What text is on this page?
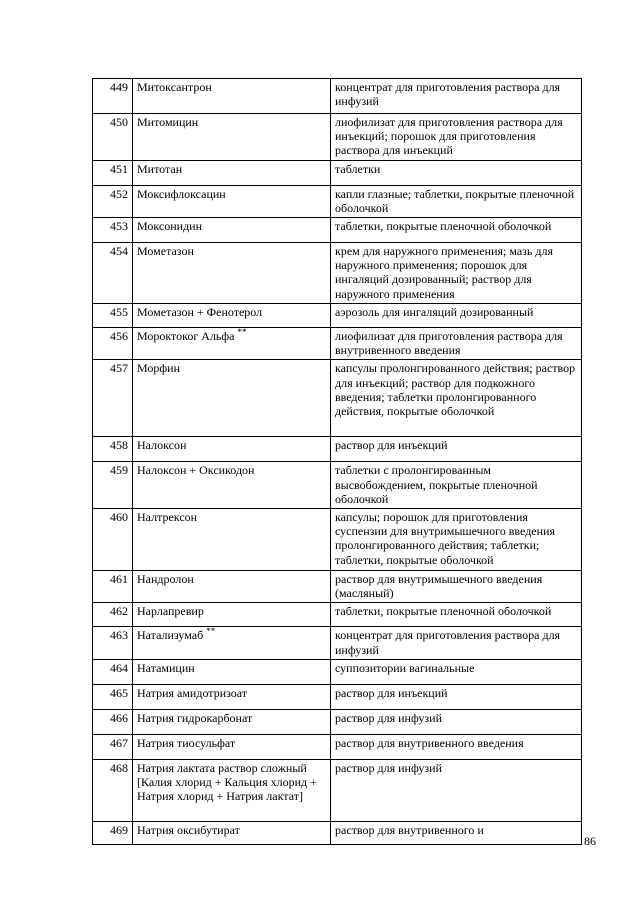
449	Митоксантрон	концентрат для приготовления раствора для инфузий
450	Митомицин	лиофилизат для приготовления раствора для инъекций; порошок для приготовления раствора для инъекций
451	Митотан	таблетки
452	Моксифлоксацин	капли глазные; таблетки, покрытые пленочной оболочкой
453	Моксонидин	таблетки, покрытые пленочной оболочкой
454	Мометазон	крем для наружного применения; мазь для наружного применения; порошок для ингаляций дозированный; раствор для наружного применения
455	Мометазон + Фенотерол	аэрозоль для ингаляций дозированный
456	Мороктоког Альфа **	лиофилизат для приготовления раствора для внутривенного введения
457	Морфин	капсулы пролонгированного действия; раствор для инъекций; раствор для подкожного введения; таблетки пролонгированного действия, покрытые оболочкой
458	Налоксон	раствор для инъекций
459	Налоксон + Оксикодон	таблетки с пролонгированным высвобождением, покрытые пленочной оболочкой
460	Налтрексон	капсулы; порошок для приготовления суспензии для внутримышечного введения пролонгированного действия; таблетки; таблетки, покрытые оболочкой
461	Нандролон	раствор для внутримышечного введения (масляный)
462	Нарлапревир	таблетки, покрытые пленочной оболочкой
463	Натализумаб **	концентрат для приготовления раствора для инфузий
464	Натамицин	суппозитории вагинальные
465	Натрия амидотризоат	раствор для инъекций
466	Натрия гидрокарбонат	раствор для инфузий
467	Натрия тиосульфат	раствор для внутривенного введения
468	Натрия лактата раствор сложный [Калия хлорид + Кальция хлорид + Натрия хлорид + Натрия лактат]	раствор для инфузий
469	Натрия оксибутират	раствор для внутривенного и
86
